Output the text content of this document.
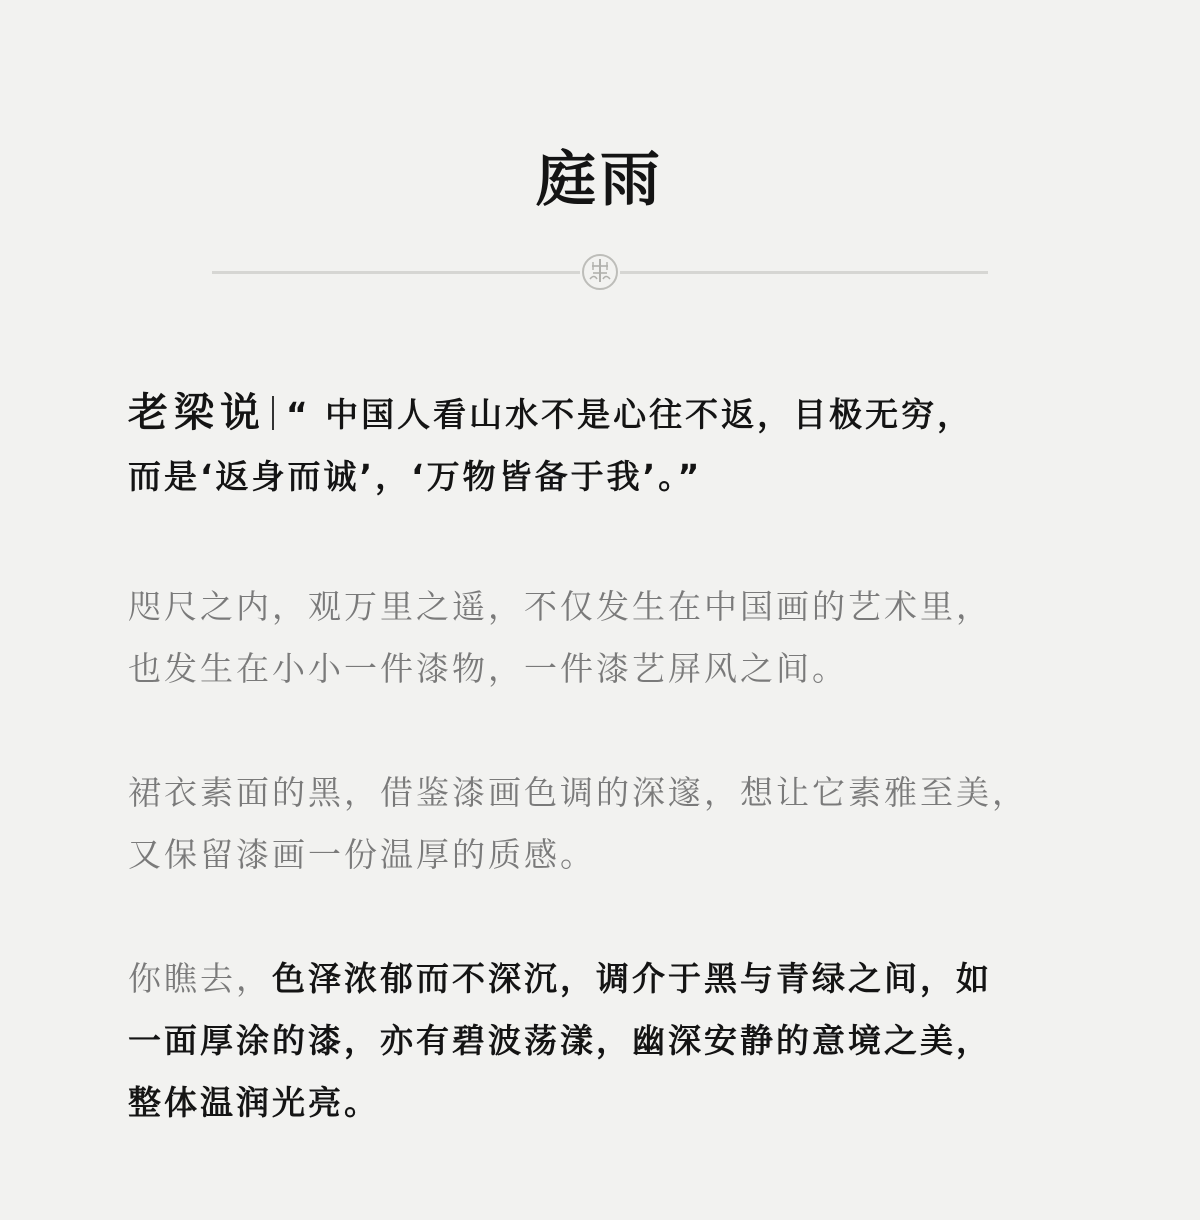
庭雨
老梁说 “ 中国人看山水不是心往不返，目极无穷，
而是‘返身而诚’，‘万物皆备于我’。”
咫尺之内，观万里之遥，不仅发生在中国画的艺术里，
也发生在小小一件漆物，一件漆艺屏风之间。
裙衣素面的黑，借鉴漆画色调的深邃，想让它素雅至美，
又保留漆画一份温厚的质感。
你瞧去，色泽浓郁而不深沉，调介于黑与青绿之间，如
一面厚涂的漆，亦有碧波荡漾，幽深安静的意境之美，
整体温润光亮。
